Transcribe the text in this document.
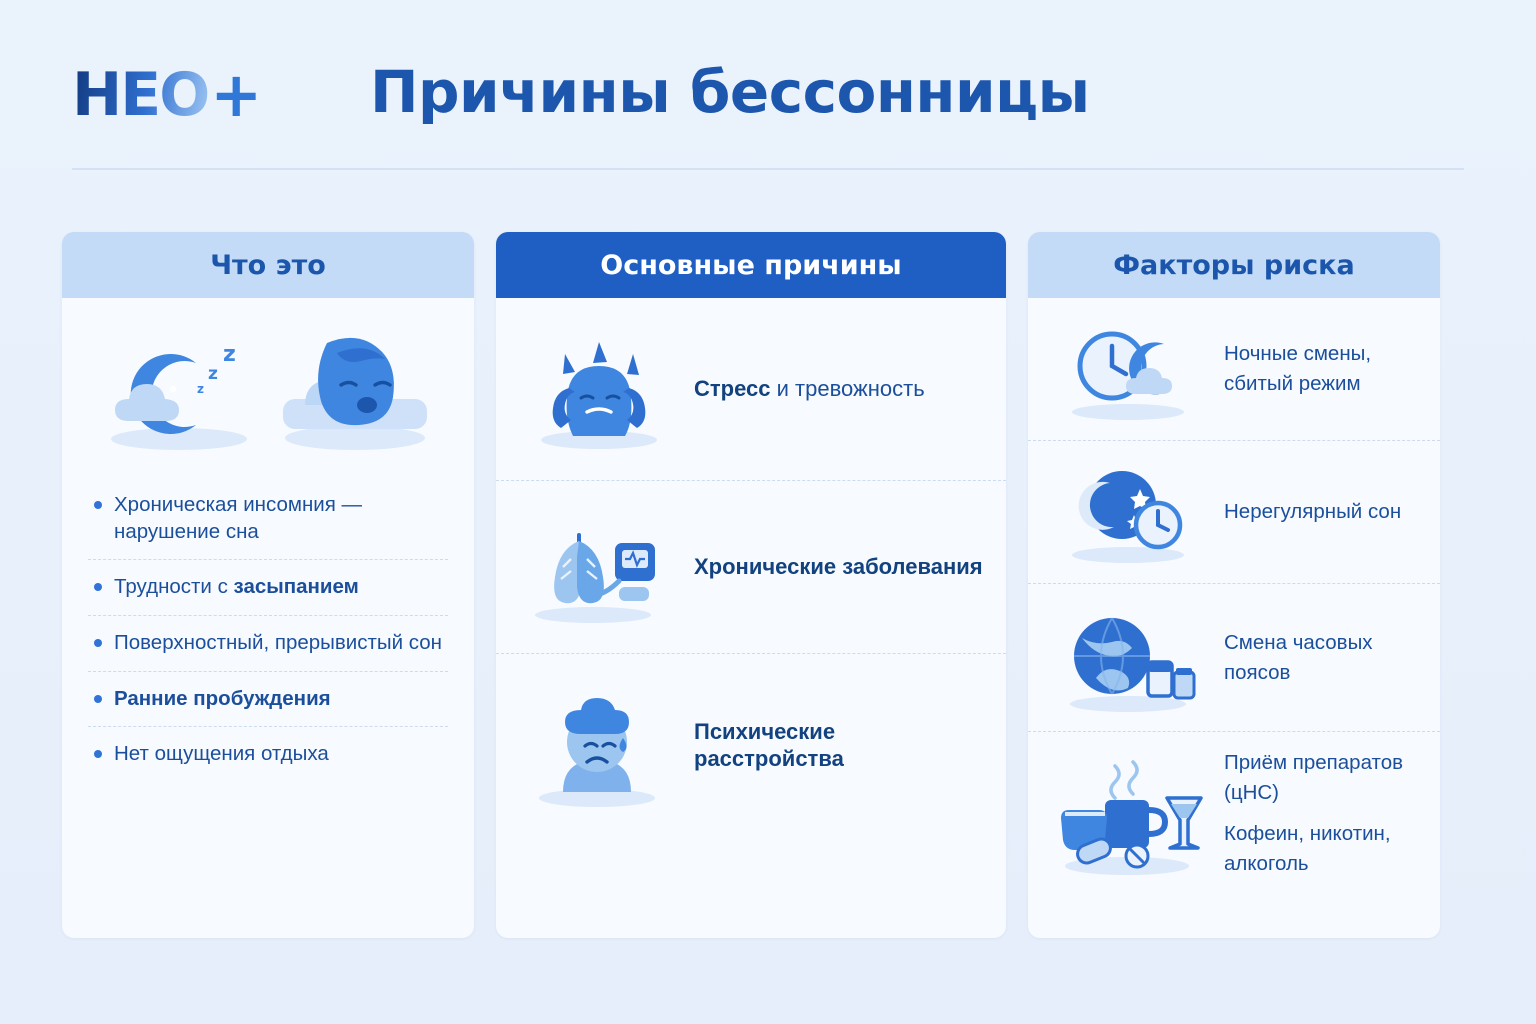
HEO + Причины бессонницы
Что это
z
z
z
Хроническая инсомния — нарушение сна
Трудности с засыпанием
Поверхностный, прерывистый сон
Ранние пробуждения
Нет ощущения отдыха
Основные причины
Стресс и тревожность
Хронические заболевания
Психические расстройства
Факторы риска
Ночные смены, сбитый режим
Нерегулярный сон
Смена часовых поясов
Приём препаратов (цНС)
Кофеин, никотин, алкоголь
